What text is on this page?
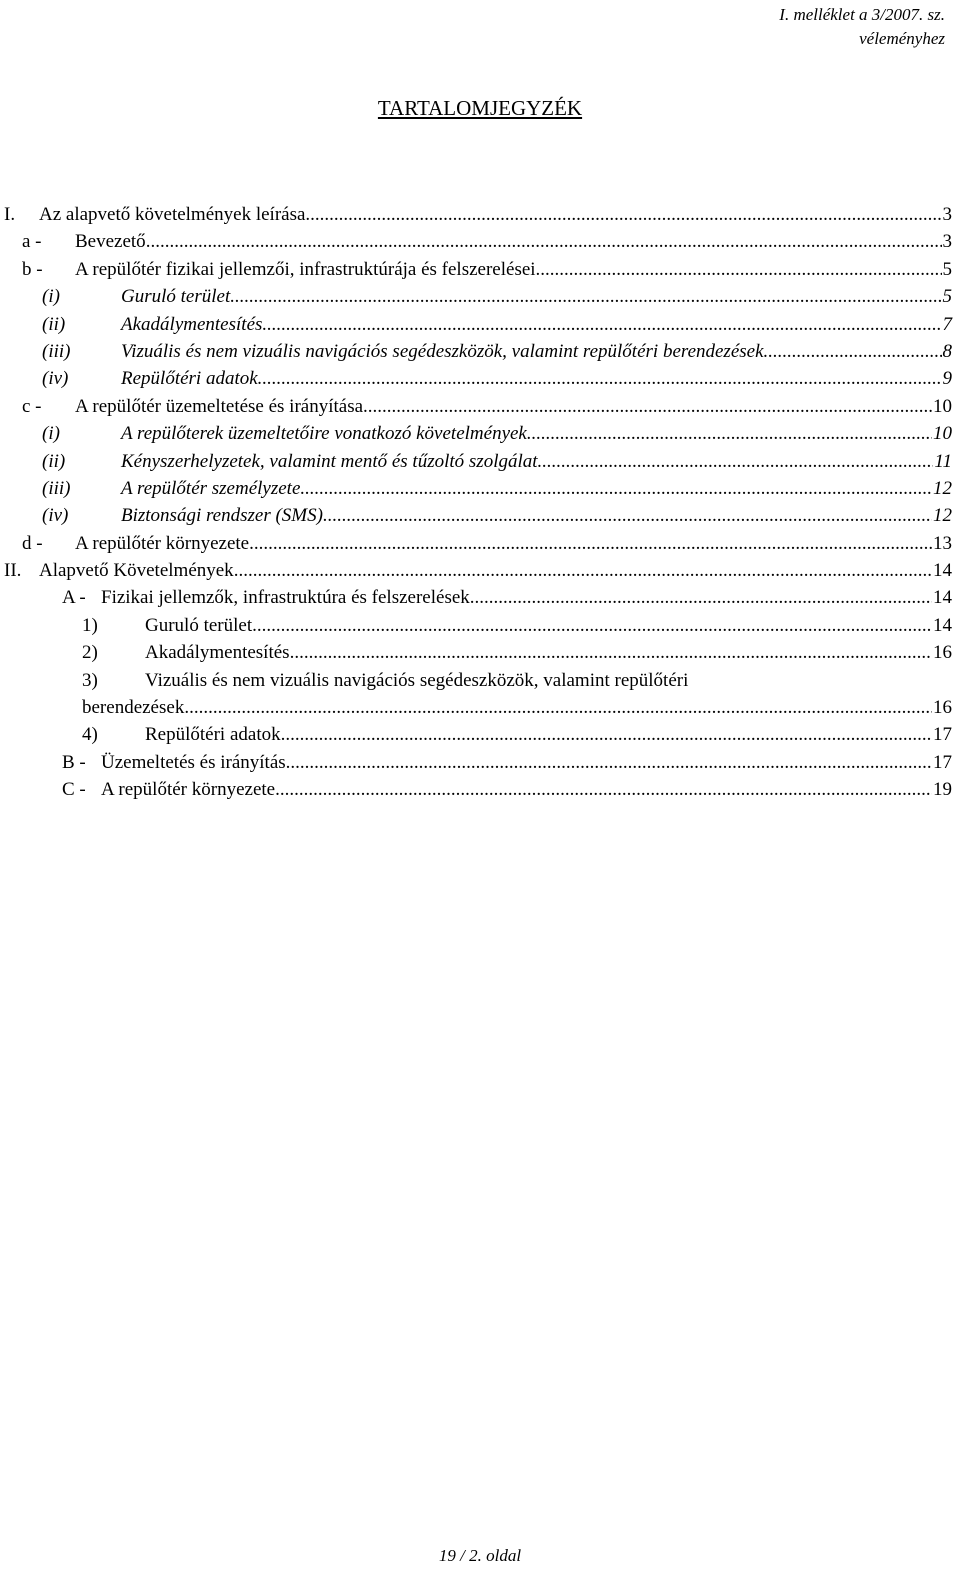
I. melléklet a 3/2007. sz.
véleményhez
TARTALOMJEGYZÉK
I. Az alapvető követelmények leírása .....	3
a - Bevezető .....	3
b - A repülőtér fizikai jellemzői, infrastruktúrája és felszerelései .....	5
(i)	Guruló terület .....	5
(ii)	Akadálymentesítés .....	7
(iii)	Vizuális és nem vizuális navigációs segédeszközök, valamint repülőtéri berendezések .....	8
(iv)	Repülőtéri adatok .....	9
c - A repülőtér üzemeltetése és irányítása .....	10
(i)	A repülőterek üzemeltetőire vonatkozó követelmények .....	10
(ii)	Kényszerhelyzetek, valamint mentő és tűzoltó szolgálat .....	11
(iii)	A repülőtér személyzete .....	12
(iv)	Biztonsági rendszer (SMS) .....	12
d - A repülőtér környezete .....	13
II. Alapvető Követelmények .....	14
A - Fizikai jellemzők, infrastruktúra és felszerelések .....	14
1) Guruló terület .....	14
2) Akadálymentesítés .....	16
3) Vizuális és nem vizuális navigációs segédeszközök, valamint repülőtéri
berendezések .....	16
4) Repülőtéri adatok .....	17
B - Üzemeltetés és irányítás .....	17
C - A repülőtér környezete .....	19
19 / 2. oldal
